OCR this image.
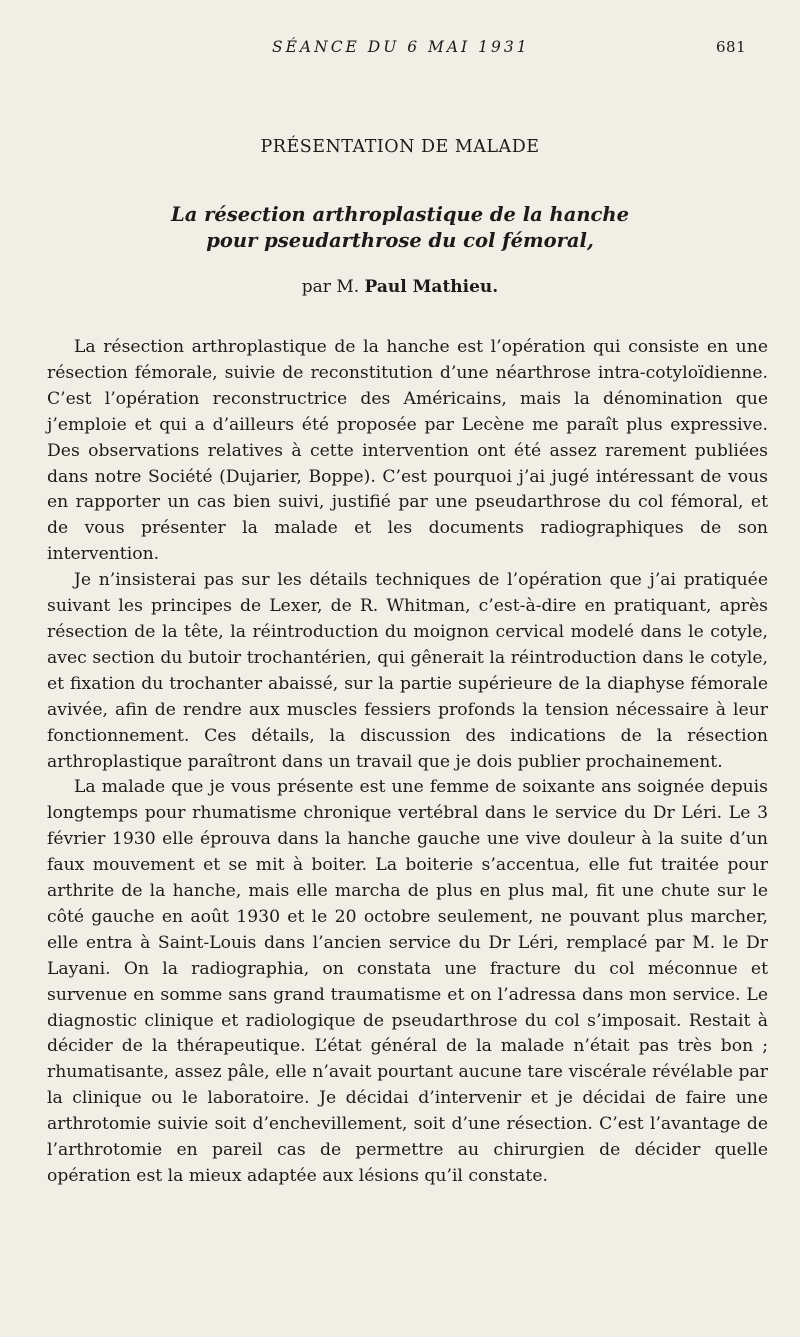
SÉANCE DU 6 MAI 1931	681
PRÉSENTATION DE MALADE
La résection arthroplastique de la hanche
pour pseudarthrose du col fémoral,
par M. Paul Mathieu.

La résection arthroplastique de la hanche est l’opération qui consiste en une résection fémorale, suivie de reconstitution d’une néarthrose intra-cotyloïdienne. C’est l’opération reconstructrice des Américains, mais la dénomination que j’emploie et qui a d’ailleurs été proposée par Lecène me paraît plus expressive. Des observations relatives à cette intervention ont été assez rarement publiées dans notre Société (Dujarier, Boppe). C’est pourquoi j’ai jugé intéressant de vous en rapporter un cas bien suivi, justifié par une pseudarthrose du col fémoral, et de vous présenter la malade et les documents radiographiques de son intervention.

Je n’insisterai pas sur les détails techniques de l’opération que j’ai pratiquée suivant les principes de Lexer, de R. Whitman, c’est-à-dire en pratiquant, après résection de la tête, la réintroduction du moignon cervical modelé dans le cotyle, avec section du butoir trochantérien, qui gênerait la réintroduction dans le cotyle, et fixation du trochanter abaissé, sur la partie supérieure de la diaphyse fémorale avivée, afin de rendre aux muscles fessiers profonds la tension nécessaire à leur fonctionnement. Ces détails, la discussion des indications de la résection arthroplastique paraîtront dans un travail que je dois publier prochainement.

La malade que je vous présente est une femme de soixante ans soignée depuis longtemps pour rhumatisme chronique vertébral dans le service du Dr Léri. Le 3 février 1930 elle éprouva dans la hanche gauche une vive douleur à la suite d’un faux mouvement et se mit à boiter. La boiterie s’accentua, elle fut traitée pour arthrite de la hanche, mais elle marcha de plus en plus mal, fit une chute sur le côté gauche en août 1930 et le 20 octobre seulement, ne pouvant plus marcher, elle entra à Saint-Louis dans l’ancien service du Dr Léri, remplacé par M. le Dr Layani. On la radiographia, on constata une fracture du col méconnue et survenue en somme sans grand traumatisme et on l’adressa dans mon service. Le diagnostic clinique et radiologique de pseudarthrose du col s’imposait. Restait à décider de la thérapeutique. L’état général de la malade n’était pas très bon ; rhumatisante, assez pâle, elle n’avait pourtant aucune tare viscérale révélable par la clinique ou le laboratoire. Je décidai d’intervenir et je décidai de faire une arthrotomie suivie soit d’enchevillement, soit d’une résection. C’est l’avantage de l’arthrotomie en pareil cas de permettre au chirurgien de décider quelle opération est la mieux adaptée aux lésions qu’il constate.
